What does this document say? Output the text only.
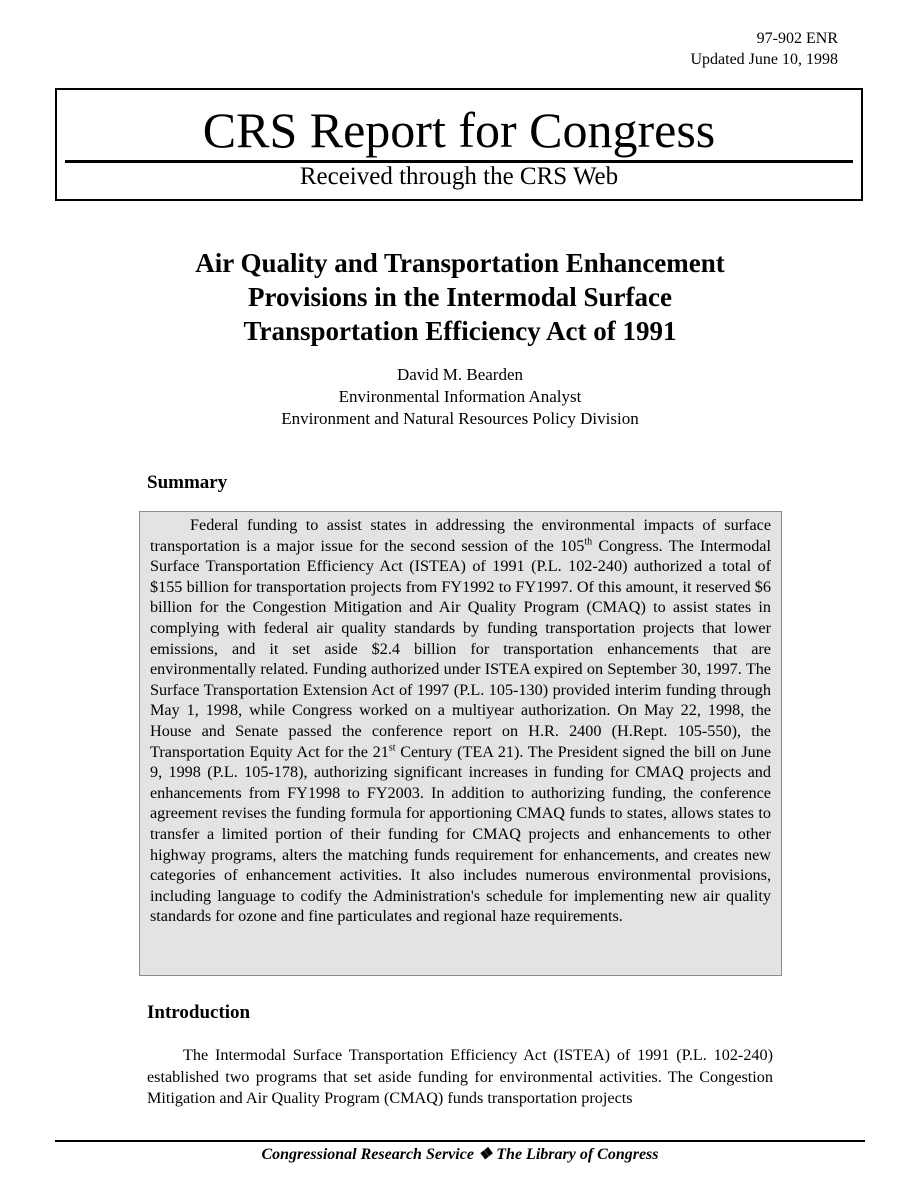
97-902 ENR
Updated June 10, 1998
CRS Report for Congress
Received through the CRS Web
Air Quality and Transportation Enhancement
Provisions in the Intermodal Surface
Transportation Efficiency Act of 1991
David M. Bearden
Environmental Information Analyst
Environment and Natural Resources Policy Division
Summary

Federal funding to assist states in addressing the environmental impacts of surface transportation is a major issue for the second session of the 105th Congress. The Intermodal Surface Transportation Efficiency Act (ISTEA) of 1991 (P.L. 102-240) authorized a total of $155 billion for transportation projects from FY1992 to FY1997. Of this amount, it reserved $6 billion for the Congestion Mitigation and Air Quality Program (CMAQ) to assist states in complying with federal air quality standards by funding transportation projects that lower emissions, and it set aside $2.4 billion for transportation enhancements that are environmentally related. Funding authorized under ISTEA expired on September 30, 1997. The Surface Transportation Extension Act of 1997 (P.L. 105-130) provided interim funding through May 1, 1998, while Congress worked on a multiyear authorization. On May 22, 1998, the House and Senate passed the conference report on H.R. 2400 (H.Rept. 105-550), the Transportation Equity Act for the 21st Century (TEA 21). The President signed the bill on June 9, 1998 (P.L. 105-178), authorizing significant increases in funding for CMAQ projects and enhancements from FY1998 to FY2003. In addition to authorizing funding, the conference agreement revises the funding formula for apportioning CMAQ funds to states, allows states to transfer a limited portion of their funding for CMAQ projects and enhancements to other highway programs, alters the matching funds requirement for enhancements, and creates new categories of enhancement activities. It also includes numerous environmental provisions, including language to codify the Administration's schedule for implementing new air quality standards for ozone and fine particulates and regional haze requirements.

Introduction

The Intermodal Surface Transportation Efficiency Act (ISTEA) of 1991 (P.L. 102-240) established two programs that set aside funding for environmental activities. The Congestion Mitigation and Air Quality Program (CMAQ) funds transportation projects

Congressional Research Service ❖ The Library of Congress
